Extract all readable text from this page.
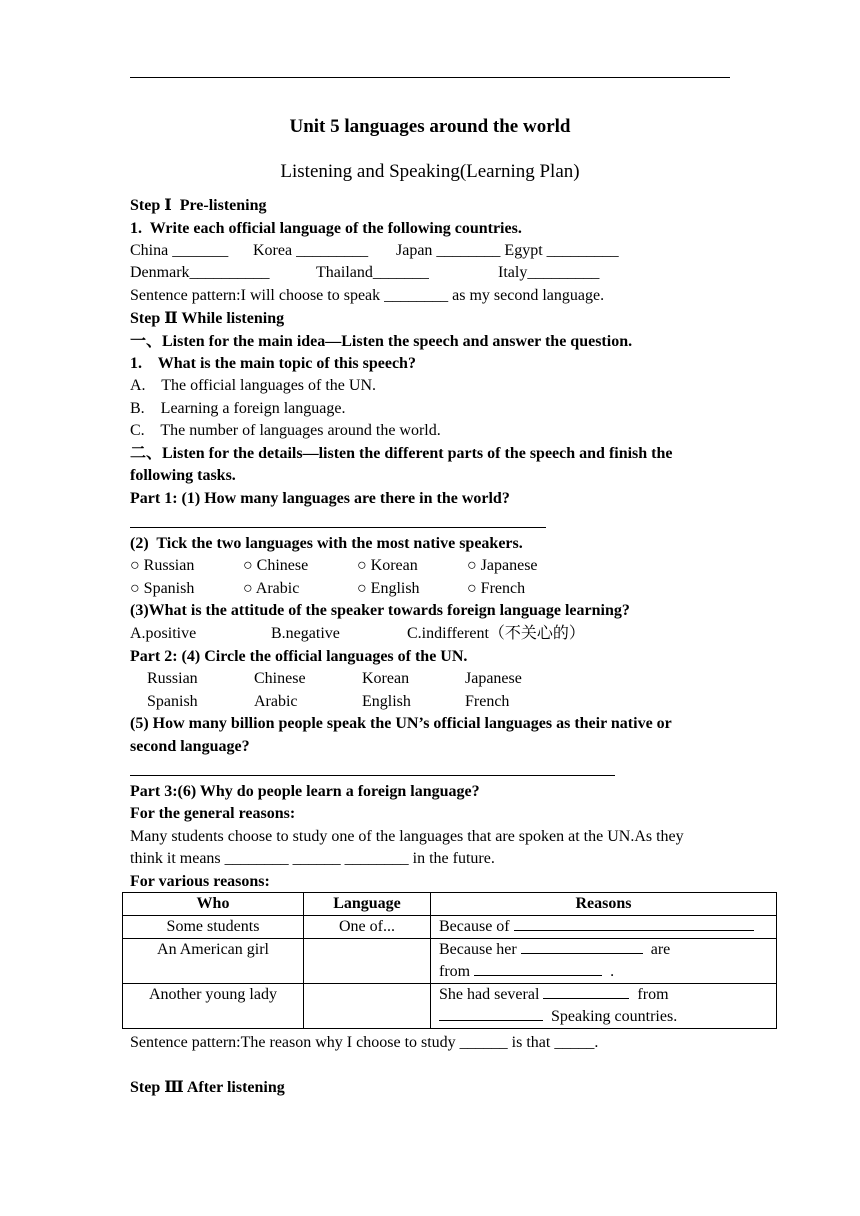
Unit 5 languages around the world
Listening and Speaking(Learning Plan)
Step Ⅰ  Pre-listening
1.  Write each official language of the following countries.
China _______ Korea _________ Japan ________ Egypt _________
Denmark__________	Thailand_______	Italy_________
Sentence pattern:I will choose to speak ________ as my second language.
Step Ⅱ While listening
一、Listen for the main idea—Listen the speech and answer the question.
1.    What is the main topic of this speech?
A.    The official languages of the UN.
B.    Learning a foreign language.
C.    The number of languages around the world.
二、Listen for the details—listen the different parts of the speech and finish the
following tasks.
Part 1: (1) How many languages are there in the world?
(2)  Tick the two languages with the most native speakers.
○ Russian	○ Chinese	○ Korean	○ Japanese
○ Spanish	○ Arabic	○ English	○ French
(3)What is the attitude of the speaker towards foreign language learning?
A.positive	B.negative	C.indifferent（不关心的）
Part 2: (4) Circle the official languages of the UN.
Russian	Chinese	Korean	Japanese
Spanish	Arabic	English	French
(5) How many billion people speak the UN’s official languages as their native or
second language?
Part 3:(6) Why do people learn a foreign language?
For the general reasons:
Many students choose to study one of the languages that are spoken at the UN.As they
think it means ________ ______ ________ in the future.
For various reasons:
Who	Language	Reasons
Some students	One of...	Because of
An American girl		Because her are
from .

Another young lady		She had several from
Speaking countries.
Sentence pattern:The reason why I choose to study ______ is that _____.
Step Ⅲ After listening
